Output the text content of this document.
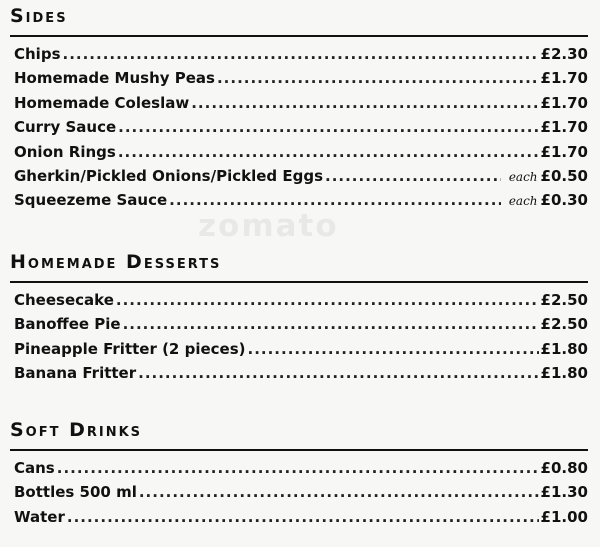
zomato
Sides
Chips .....	£2.30
Homemade Mushy Peas .....	£1.70
Homemade Coleslaw .....	£1.70
Curry Sauce .....	£1.70
Onion Rings .....	£1.70
Gherkin/Pickled Onions/Pickled Eggs .....	each £0.50
Squeezeme Sauce .....	each £0.30
Homemade Desserts
Cheesecake .....	£2.50
Banoffee Pie .....	£2.50
Pineapple Fritter (2 pieces) .....	£1.80
Banana Fritter .....	£1.80
Soft Drinks
Cans .....	£0.80
Bottles 500 ml .....	£1.30
Water .....	£1.00
